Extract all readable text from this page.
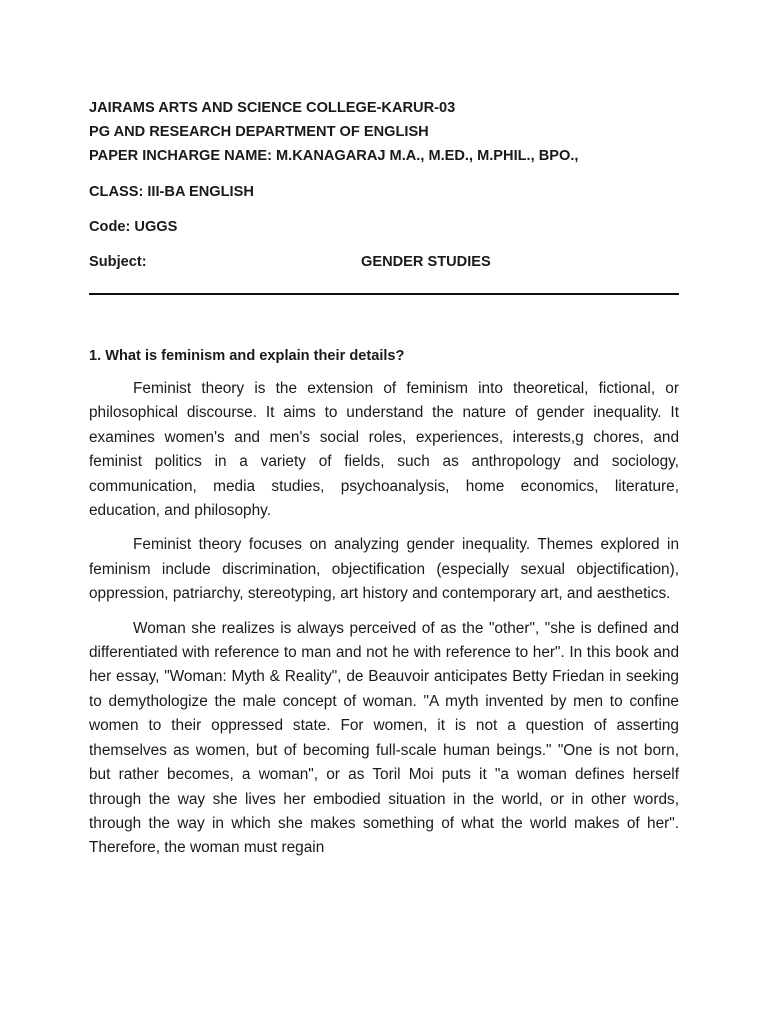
JAIRAMS ARTS AND SCIENCE COLLEGE-KARUR-03
PG AND RESEARCH DEPARTMENT OF ENGLISH
PAPER INCHARGE NAME: M.KANAGARAJ M.A., M.ED., M.PHIL., BPO.,
CLASS: III-BA ENGLISH
Code: UGGS
Subject:	GENDER STUDIES
1. What is feminism and explain their details?

Feminist theory is the extension of feminism into theoretical, fictional, or philosophical discourse. It aims to understand the nature of gender inequality. It examines women's and men's social roles, experiences, interests,g chores, and feminist politics in a variety of fields, such as anthropology and sociology, communication, media studies, psychoanalysis, home economics, literature, education, and philosophy.

Feminist theory focuses on analyzing gender inequality. Themes explored in feminism include discrimination, objectification (especially sexual objectification), oppression, patriarchy, stereotyping, art history and contemporary art, and aesthetics.

Woman she realizes is always perceived of as the "other", "she is defined and differentiated with reference to man and not he with reference to her". In this book and her essay, "Woman: Myth & Reality", de Beauvoir anticipates Betty Friedan in seeking to demythologize the male concept of woman. "A myth invented by men to confine women to their oppressed state. For women, it is not a question of asserting themselves as women, but of becoming full-scale human beings." "One is not born, but rather becomes, a woman", or as Toril Moi puts it "a woman defines herself through the way she lives her embodied situation in the world, or in other words, through the way in which she makes something of what the world makes of her". Therefore, the woman must regain
